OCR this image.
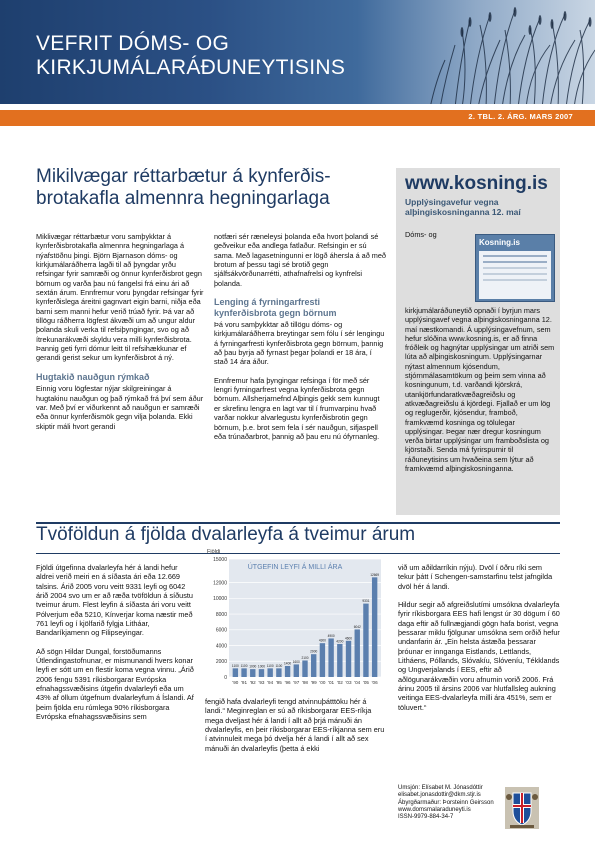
VEFRIT DÓMS- OG
KIRKJUMÁLARÁÐUNEYTISINS
2. TBL. 2. ÁRG. MARS 2007
Mikilvægar réttarbætur á kynferðis-
brotakafla almennra hegningarlaga

Miklivægar réttarbætur voru samþykktar á kynferðisbrotakafla almennra hegningarlaga á nýafstöðnu þingi. Björn Bjarnason dóms- og kirkjumálaráðherra lagði til að þyngdar yrðu refsingar fyrir samræði og önnur kynferðisbrot gegn börnum og varða þau nú fangelsi frá einu ári að sextán árum. Ennfremur voru þyngdar refsingar fyrir kynferðislega áreitni gagnvart eigin barni, niðja eða barni sem manni hefur verið trúað fyrir. Þá var að tillögu ráðherra lögfest ákvæði um að ungur aldur þolanda skuli verka til refsiþyngingar, svo og að ítrekunarákvæði skyldu vera milli kynferðisbrota. Þannig geti fyrri dómur leitt til refsihækkunar ef gerandi gerist sekur um kynferðisbrot á ný.

Hugtakið nauðgun rýmkað

Einnig voru lögfestar nýjar skilgreiningar á hugtakinu nauðgun og það rýmkað frá því sem áður var. Með því er viðurkennt að nauðgun er samræði eða önnur kynferðismök gegn vilja þolanda. Ekki skiptir máli hvort gerandi

notfæri sér ræneleysi þolanda eða hvort þolandi sé geðveikur eða andlega fatlaður. Refsingin er sú sama. Með lagasetningunni er lögð áhersla á að með brotum af þessu tagi sé brotið gegn sjálfsákvörðunarrétti, athafnafrelsi og kynfrelsi þolanda.

Lenging á fyrningarfresti
kynferðisbrota gegn börnum

Þá voru samþykktar að tillögu dóms- og kirkjumálaráðherra breytingar sem fólu í sér lengingu á fyrningarfresti kynferðisbrota gegn börnum, þannig að þau byrja að fyrnast þegar þolandi er 18 ára, í stað 14 ára áður.

Ennfremur hafa þyngingar refsinga í för með sér lengri fyrningarfrest vegna kynferðisbrota gegn börnum. Allsherjarnefnd Alþingis gekk sem kunnugt er skrefinu lengra en lagt var til í frumvarpinu hvað varðar nokkur alvarlegustu kynferðisbrotin gegn börnum, þ.e. brot sem fela í sér nauðgun, sifjaspell eða trúnaðarbrot, þannig að þau eru nú ófyrnanleg.

www.kosning.is
Upplýsingavefur vegna alþingiskosninganna 12. maí
Kosning.is
Dóms- og kirkjumálaráðuneytið opnaði í byrjun mars upplýsingavef vegna alþingiskosninganna 12. maí næstkomandi. Á upplýsingavefnum, sem hefur slóðina www.kosning.is, er að finna fróðleik og hagnýtar upplýsingar um atriði sem lúta að alþingiskosningum. Upplýsingarnar nýtast almennum kjósendum, stjórnmálasamtökum og þeim sem vinna að kosningunum, t.d. varðandi kjörskrá, utankjörfundaratkvæðagreiðslu og atkvæðagreiðslu á kjördegi. Fjallað er um lög og reglugerðir, kjósendur, framboð, framkvæmd kosninga og tölulegar upplýsingar. Þegar nær dregur kosningum verða birtar upplýsingar um framboðslista og kjörstaði. Senda má fyrirspurnir til ráðuneytisins um hvaðeina sem lýtur að framkvæmd alþingiskosninganna.
Tvöföldun á fjölda dvalarleyfa á tveimur árum

Fjöldi útgefinna dvalarleyfa hér á landi hefur aldrei verið meiri en á síðasta ári eða 12.669 talsins. Árið 2005 voru veitt 9331 leyfi og 6042 árið 2004 svo um er að ræða tvöföldun á síðustu tveimur árum. Flest leyfin á síðasta ári voru veitt Pólverjum eða 5210, Kínverjar koma næstir með 761 leyfi og í kjölfarið fylgja Litháar, Bandaríkjamenn og Filipseyingar.

Að sögn Hildar Dungal, forstöðumanns Útlendingastofnunar, er mismunandi hvers konar leyfi er sótt um en flestir koma vegna vinnu. „Árið 2006 fengu 5391 ríkisborgarar Evrópska efnahagssvæðisins útgefin dvalarleyfi eða um 43% af öllum útgefnum dvalarleyfum á Íslandi. Af þeim fjölda eru rúmlega 90% ríkisborgara Evrópska efnahagssvæðisins sem

Fjöldi
15000
12000
10000
8000
6000
4000
2000
0
ÚTGEFIN LEYFI Á MILLI ÁRA
1100
'90
1100
'91
1000
'92
1000
'93
1100
'94
1100
'95
1400
'96
1600
'97
2100
'98
2900
'99
4300
'00
4900
'01
4200
'02
4600
'03
6042
'04
9331
'05
12669
'06

fengið hafa dvalarleyfi tengd atvinnuþátttöku hér á landi.“ Meginreglan er sú að ríkisborgarar EES-ríkja mega dveljast hér á landi í allt að þrjá mánuði án dvalarleyfis, en þeir ríkisborgarar EES-ríkjanna sem eru í atvinnuleit mega þó dvelja hér á landi í allt að sex mánuði án dvalarleyfis (þetta á ekki

við um aðildarríkin nýju). Dvöl í öðru ríki sem tekur þátt í Schengen-samstarfinu telst jafngilda dvöl hér á landi.

Hildur segir að afgreiðslutími umsókna dvalarleyfa fyrir ríkisborgara EES hafi lengst úr 30 dögum í 60 daga eftir að fullnægjandi gögn hafa borist, vegna þessarar miklu fjölgunar umsókna sem orðið hefur undanfarin ár. „Ein helsta ástæða þessarar þróunar er innganga Eistlands, Lettlands, Litháens, Póllands, Slóvakíu, Slóveníu, Tékklands og Ungverjalands í EES, eftir að aðlögunarákvæðin voru afnumin vorið 2006. Frá árinu 2005 til ársins 2006 var hlutfallsleg aukning veitinga EES-dvalarleyfa milli ára 451%, sem er töluvert.“

Umsjón: Elísabet M. Jónasdóttir
elisabet.jonasdottir@dkm.stjr.is
Ábyrgðarmaður: Þorsteinn Geirsson
www.domsmalaraduneyti.is
ISSN-9979-884-34-7
